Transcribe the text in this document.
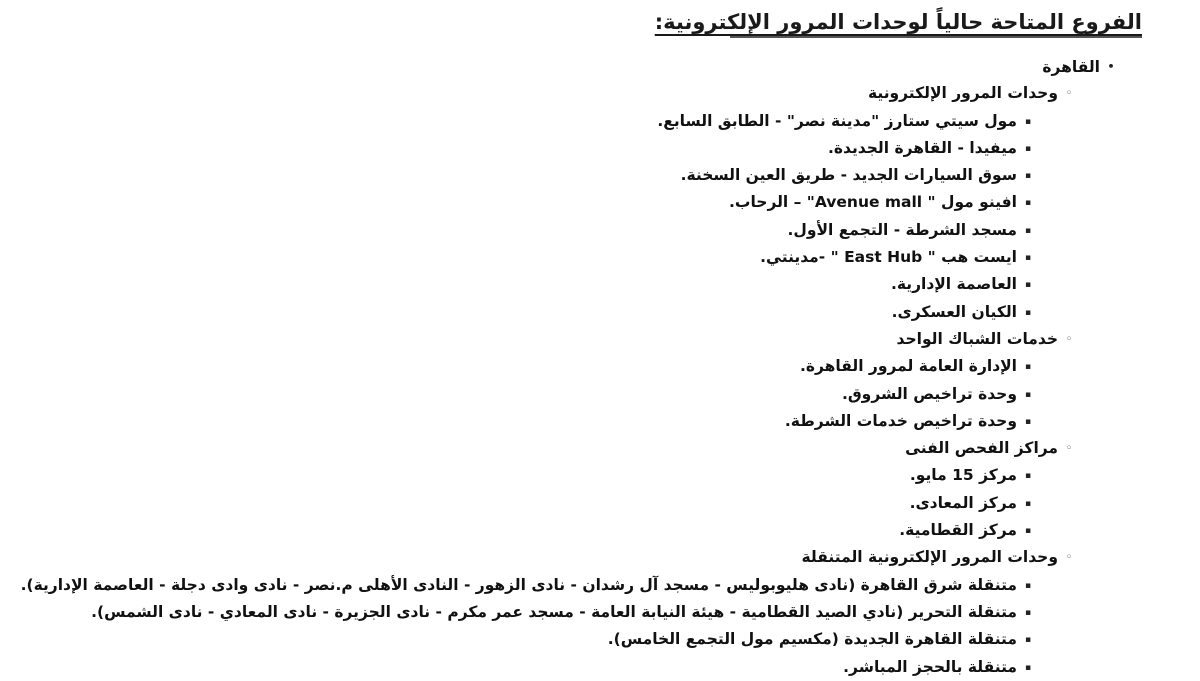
الفروع المتاحة حالياً لوحدات المرور الإلكترونية:
•القاهرة
◦وحدات المرور الإلكترونية
▪مول سيتي ستارز "مدينة نصر" - الطابق السابع.
▪ميفيدا - القاهرة الجديدة.
▪سوق السيارات الجديد - طريق العين السخنة.
▪افينو مول " Avenue mall" – الرحاب.
▪مسجد الشرطة - التجمع الأول.
▪ايست هب " East Hub " -مدينتي.
▪العاصمة الإدارية.
▪الكيان العسكرى.
◦خدمات الشباك الواحد
▪الإدارة العامة لمرور القاهرة.
▪وحدة تراخيص الشروق.
▪وحدة تراخيص خدمات الشرطة.
◦مراكز الفحص الفنى
▪مركز 15 مايو.
▪مركز المعادى.
▪مركز القطامية.
◦وحدات المرور الإلكترونية المتنقلة
▪متنقلة شرق القاهرة (نادى هليوبوليس - مسجد آل رشدان - نادى الزهور - النادى الأهلى م.نصر - نادى وادى دجلة - العاصمة الإدارية).
▪متنقلة التحرير (نادي الصيد القطامية - هيئة النيابة العامة - مسجد عمر مكرم - نادى الجزيرة - نادى المعادي - نادى الشمس).
▪متنقلة القاهرة الجديدة (مكسيم مول التجمع الخامس).
▪متنقلة بالحجز المباشر.
